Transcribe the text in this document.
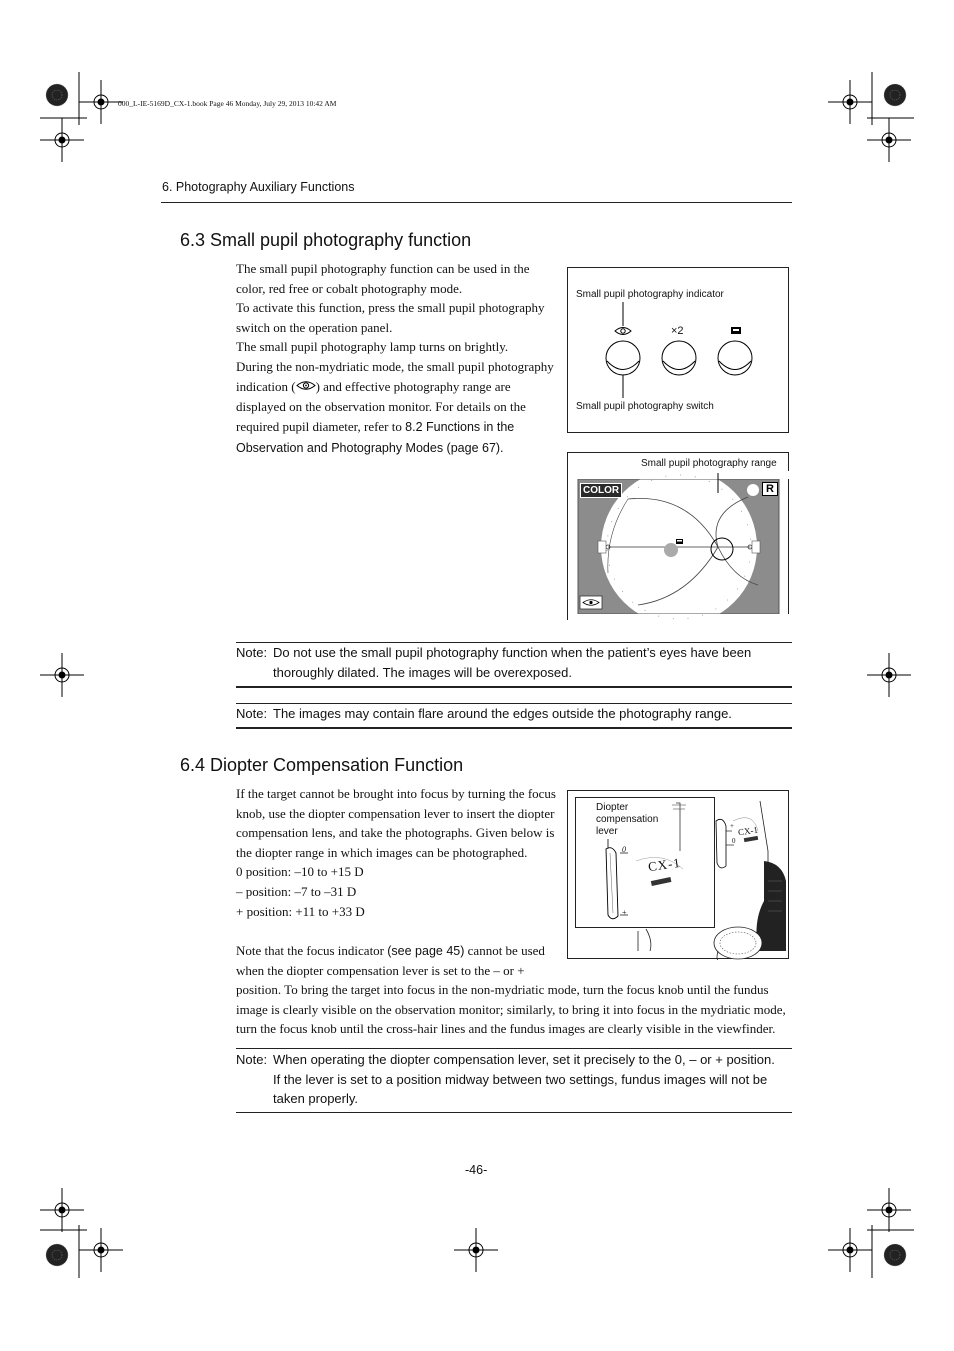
000_L-IE-5169D_CX-1.book Page 46 Monday, July 29, 2013 10:42 AM
6. Photography Auxiliary Functions
6.3 Small pupil photography function
The small pupil photography function can be used in the
color, red free or cobalt photography mode.
To activate this function, press the small pupil photography
switch on the operation panel.
The small pupil photography lamp turns on brightly.
During the non-mydriatic mode, the small pupil photography
indication ( ) and effective photography range are
displayed on the observation monitor. For details on the
required pupil diameter, refer to 8.2 Functions in the
Observation and Photography Modes (page 67).
Small pupil photography indicator
×2
Small pupil photography switch
Small pupil photography range
COLOR	R
Note: Do not use the small pupil photography function when the patient’s eyes have been
thoroughly dilated. The images will be overexposed.
Note: The images may contain flare around the edges outside the photography range.
6.4 Diopter Compensation Function
If the target cannot be brought into focus by turning the focus
knob, use the diopter compensation lever to insert the diopter
compensation lens, and take the photographs. Given below is
the diopter range in which images can be photographed.
0 position: –10 to +15 D
– position: –7 to –31 D
+ position: +11 to +33 D
Note that the focus indicator (see page 45) cannot be used
when the diopter compensation lever is set to the – or +
position. To bring the target into focus in the non-mydriatic mode, turn the focus knob until the fundus
image is clearly visible on the observation monitor; similarly, to bring it into focus in the mydriatic mode,
turn the focus knob until the cross-hair lines and the fundus images are clearly visible in the viewfinder.
Diopter
compensation
lever
CX-1
CX-1
0
+
+
0
Note: When operating the diopter compensation lever, set it precisely to the 0, – or + position.
If the lever is set to a position midway between two settings, fundus images will not be
taken properly.
-46-
